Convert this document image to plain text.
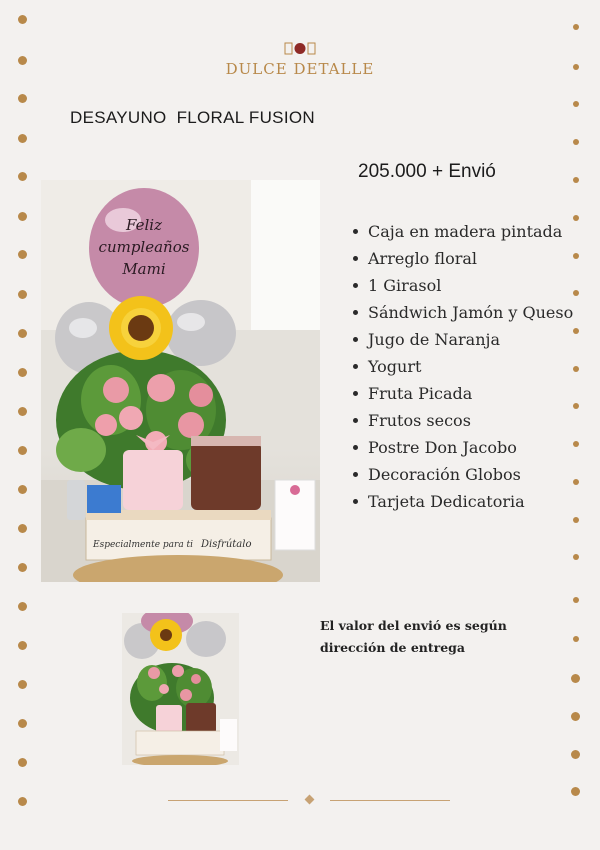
DULCE DETALLE
DESAYUNO  FLORAL FUSION
205.000 + Envió
Feliz
cumpleaños
Mami
Especialmente para ti Disfrútalo
Caja en madera pintada
Arreglo floral
1 Girasol
Sándwich Jamón y Queso
Jugo de Naranja
Yogurt
Fruta Picada
Frutos secos
Postre Don Jacobo
Decoración Globos
Tarjeta Dedicatoria
El valor del envió es según
dirección de entrega
